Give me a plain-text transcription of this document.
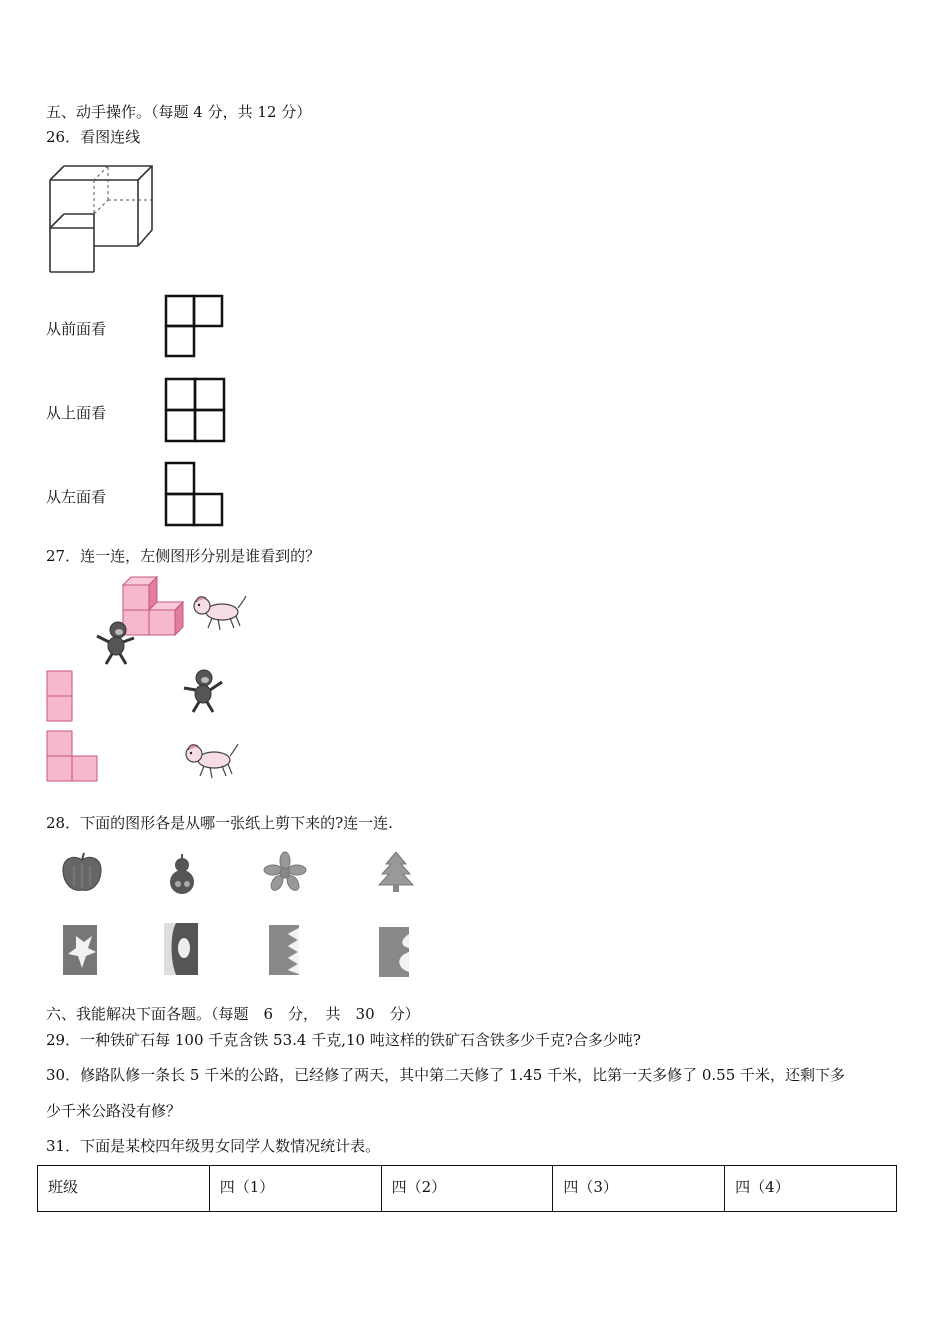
五、动手操作。（每题 4 分，共 12 分）
26．看图连线
从前面看
从上面看
从左面看
27．连一连，左侧图形分别是谁看到的？
28．下面的图形各是从哪一张纸上剪下来的?连一连.
六、我能解决下面各题。（每题　6　分，　共　30　分）
29．一种铁矿石每 100 千克含铁 53.4 千克,10 吨这样的铁矿石含铁多少千克?合多少吨?
30．修路队修一条长 5 千米的公路，已经修了两天，其中第二天修了 1.45 千米，比第一天多修了 0.55 千米，还剩下多
少千米公路没有修？
31．下面是某校四年级男女同学人数情况统计表。
班级	四（1）	四（2）	四（3）	四（4）
